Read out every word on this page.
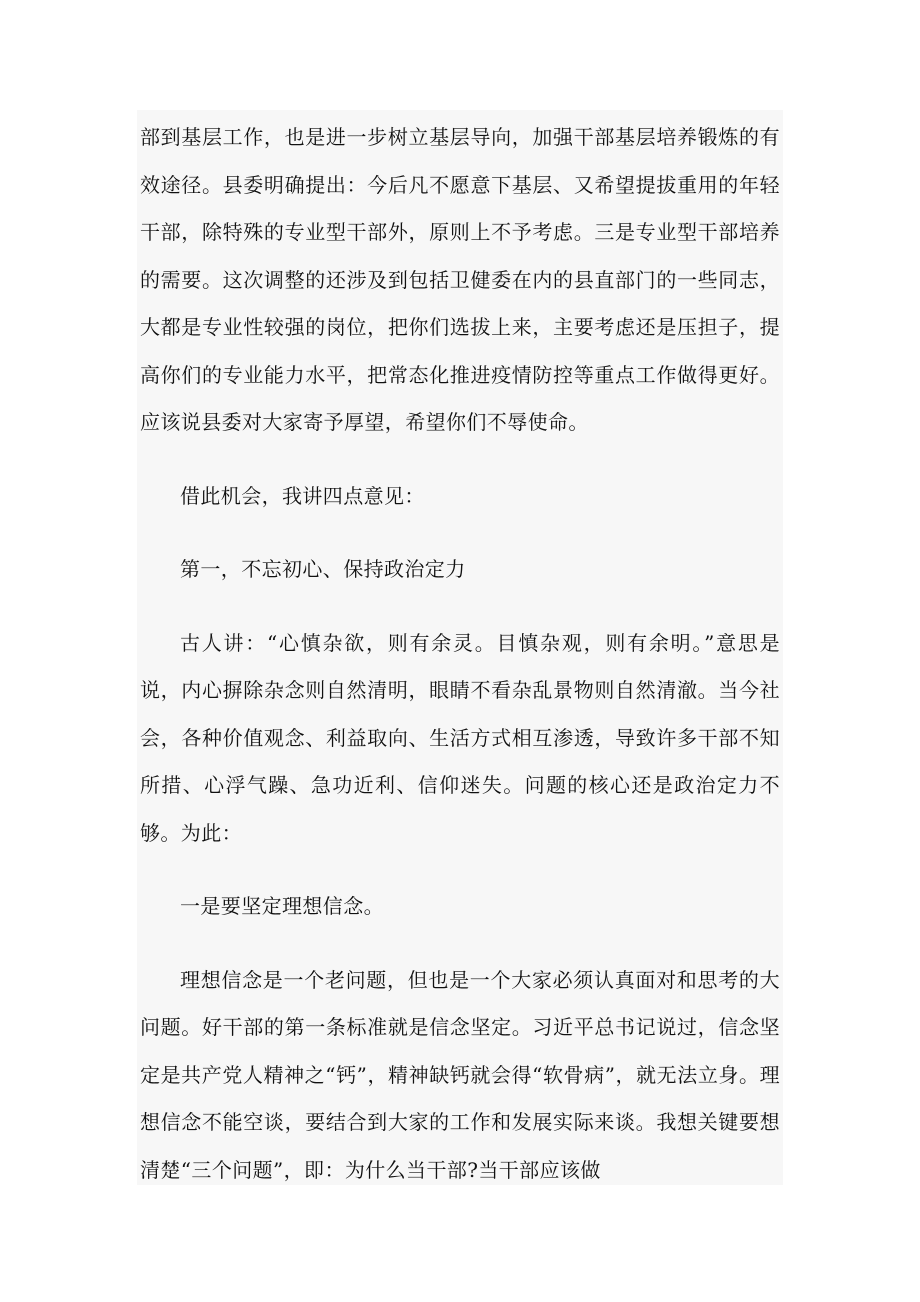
部到基层工作，也是进一步树立基层导向，加强干部基层培养锻炼的有效途径。县委明确提出：今后凡不愿意下基层、又希望提拔重用的年轻干部，除特殊的专业型干部外，原则上不予考虑。三是专业型干部培养的需要。这次调整的还涉及到包括卫健委在内的县直部门的一些同志，大都是专业性较强的岗位，把你们选拔上来，主要考虑还是压担子，提高你们的专业能力水平，把常态化推进疫情防控等重点工作做得更好。应该说县委对大家寄予厚望，希望你们不辱使命。

借此机会，我讲四点意见：

第一，不忘初心、保持政治定力

古人讲：“心慎杂欲，则有余灵。目慎杂观，则有余明。”意思是说，内心摒除杂念则自然清明，眼睛不看杂乱景物则自然清澈。当今社会，各种价值观念、利益取向、生活方式相互渗透，导致许多干部不知所措、心浮气躁、急功近利、信仰迷失。问题的核心还是政治定力不够。为此：

一是要坚定理想信念。

理想信念是一个老问题，但也是一个大家必须认真面对和思考的大问题。好干部的第一条标准就是信念坚定。习近平总书记说过，信念坚定是共产党人精神之“钙”，精神缺钙就会得“软骨病”，就无法立身。理想信念不能空谈，要结合到大家的工作和发展实际来谈。我想关键要想清楚“三个问题”，即：为什么当干部?当干部应该做
